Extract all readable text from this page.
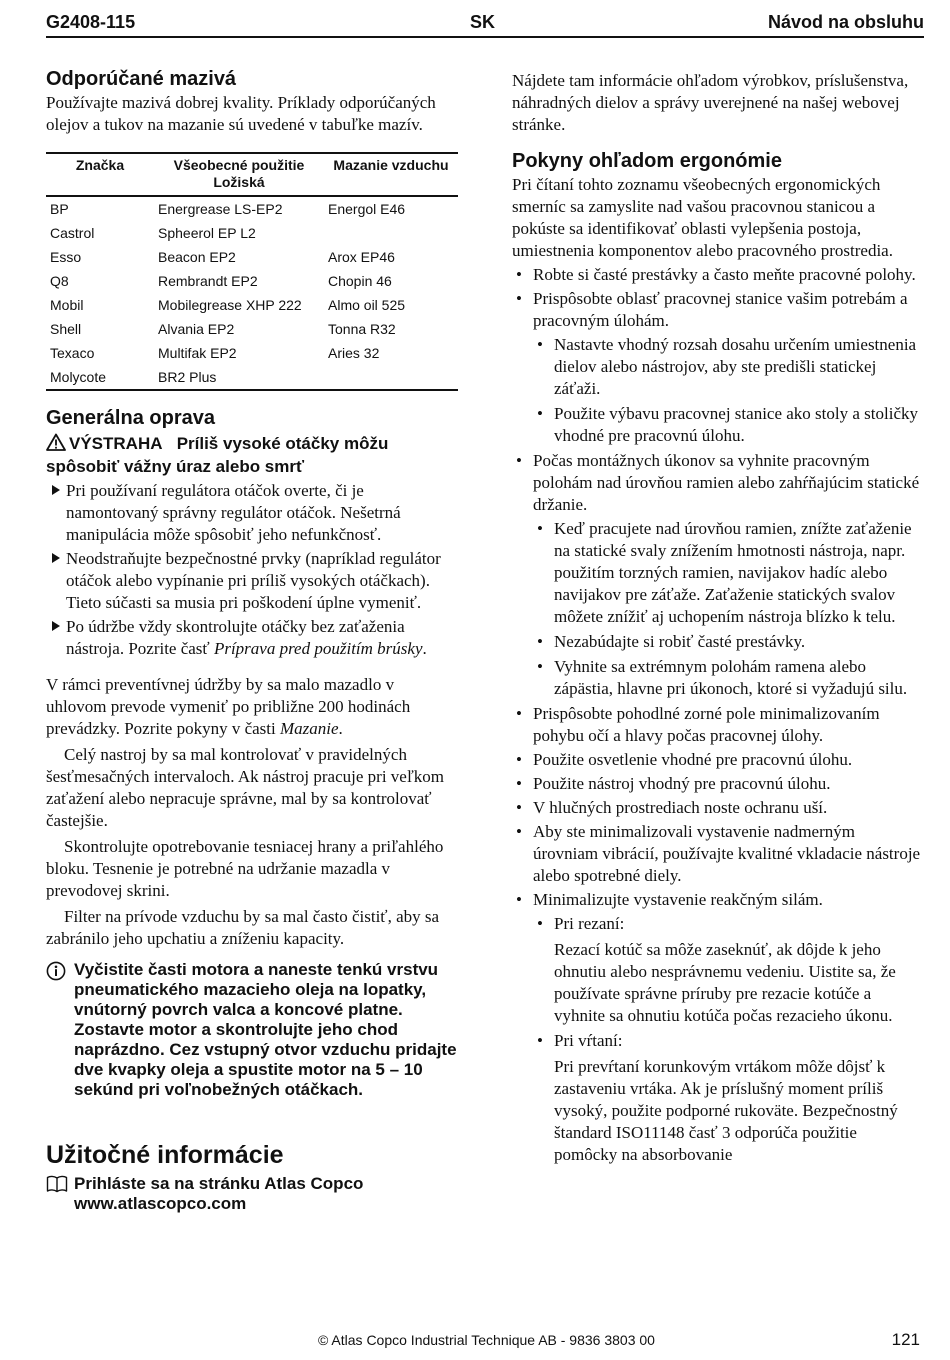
G2408-115	SK	Návod na obsluhu
Odporúčané mazivá

Používajte mazivá dobrej kvality. Príklady odporúčaných olejov a tukov na mazanie sú uvedené v tabuľke mazív.

Značka	Všeobecné použitie Ložiská	Mazanie vzduchu
BP	Energrease LS-EP2	Energol E46
Castrol	Spheerol EP L2	
Esso	Beacon EP2	Arox EP46
Q8	Rembrandt EP2	Chopin 46
Mobil	Mobilegrease XHP 222	Almo oil 525
Shell	Alvania EP2	Tonna R32
Texaco	Multifak EP2	Aries 32
Molycote	BR2 Plus	
Generálna oprava
VÝSTRAHA Príliš vysoké otáčky môžu spôsobiť vážny úraz alebo smrť
Pri používaní regulátora otáčok overte, či je namontovaný správny regulátor otáčok. Nešetrná manipulácia môže spôsobiť jeho nefunkčnosť.
Neodstraňujte bezpečnostné prvky (napríklad regulátor otáčok alebo vypínanie pri príliš vysokých otáčkach). Tieto súčasti sa musia pri poškodení úplne vymeniť.
Po údržbe vždy skontrolujte otáčky bez zaťaženia nástroja. Pozrite časť Príprava pred použitím brúsky.

V rámci preventívnej údržby by sa malo mazadlo v uhlovom prevode vymeniť po približne 200 hodinách prevádzky. Pozrite pokyny v časti Mazanie.

Celý nastroj by sa mal kontrolovať v pravidelných šesťmesačných intervaloch. Ak nástroj pracuje pri veľkom zaťažení alebo nepracuje správne, mal by sa kontrolovať častejšie.

Skontrolujte opotrebovanie tesniacej hrany a priľahlého bloku. Tesnenie je potrebné na udržanie mazadla v prevodovej skrini.

Filter na prívode vzduchu by sa mal často čistiť, aby sa zabránilo jeho upchatiu a zníženiu kapacity.

Vyčistite časti motora a naneste tenkú vrstvu pneumatického mazacieho oleja na lopatky, vnútorný povrch valca a koncové platne. Zostavte motor a skontrolujte jeho chod naprázdno. Cez vstupný otvor vzduchu pridajte dve kvapky oleja a spustite motor na 5 – 10 sekúnd pri voľnobežných otáčkach.
Užitočné informácie
Prihláste sa na stránku Atlas Copco
www.atlascopco.com

Nájdete tam informácie ohľadom výrobkov, príslušenstva, náhradných dielov a správy uverejnené na našej webovej stránke.

Pokyny ohľadom ergonómie

Pri čítaní tohto zoznamu všeobecných ergonomických smerníc sa zamyslite nad vašou pracovnou stanicou a pokúste sa identifikovať oblasti vylepšenia postoja, umiestnenia komponentov alebo pracovného prostredia.

• Robte si časté prestávky a často meňte pracovné polohy.
• Prispôsobte oblasť pracovnej stanice vašim potrebám a pracovným úlohám.
• Nastavte vhodný rozsah dosahu určením umiestnenia dielov alebo nástrojov, aby ste predišli statickej záťaži.
• Použite výbavu pracovnej stanice ako stoly a stoličky vhodné pre pracovnú úlohu.
• Počas montážnych úkonov sa vyhnite pracovným polohám nad úrovňou ramien alebo zahŕňajúcim statické držanie.
• Keď pracujete nad úrovňou ramien, znížte zaťaženie na statické svaly znížením hmotnosti nástroja, napr. použitím torzných ramien, navijakov hadíc alebo navijakov pre záťaže. Zaťaženie statických svalov môžete znížiť aj uchopením nástroja blízko k telu.
• Nezabúdajte si robiť časté prestávky.
• Vyhnite sa extrémnym polohám ramena alebo zápästia, hlavne pri úkonoch, ktoré si vyžadujú silu.
• Prispôsobte pohodlné zorné pole minimalizovaním pohybu očí a hlavy počas pracovnej úlohy.
• Použite osvetlenie vhodné pre pracovnú úlohu.
• Použite nástroj vhodný pre pracovnú úlohu.
• V hlučných prostrediach noste ochranu uší.
• Aby ste minimalizovali vystavenie nadmerným úrovniam vibrácií, používajte kvalitné vkladacie nástroje alebo spotrebné diely.
• Minimalizujte vystavenie reakčným silám.
• Pri rezaní:
Rezací kotúč sa môže zaseknúť, ak dôjde k jeho ohnutiu alebo nesprávnemu vedeniu. Uistite sa, že používate správne príruby pre rezacie kotúče a vyhnite sa ohnutiu kotúča počas rezacieho úkonu.
• Pri vŕtaní:
Pri prevŕtaní korunkovým vrtákom môže dôjsť k zastaveniu vrtáka. Ak je príslušný moment príliš vysoký, použite podporné rukoväte. Bezpečnostný štandard ISO11148 časť 3 odporúča použitie pomôcky na absorbovanie
© Atlas Copco Industrial Technique AB - 9836 3803 00	121
